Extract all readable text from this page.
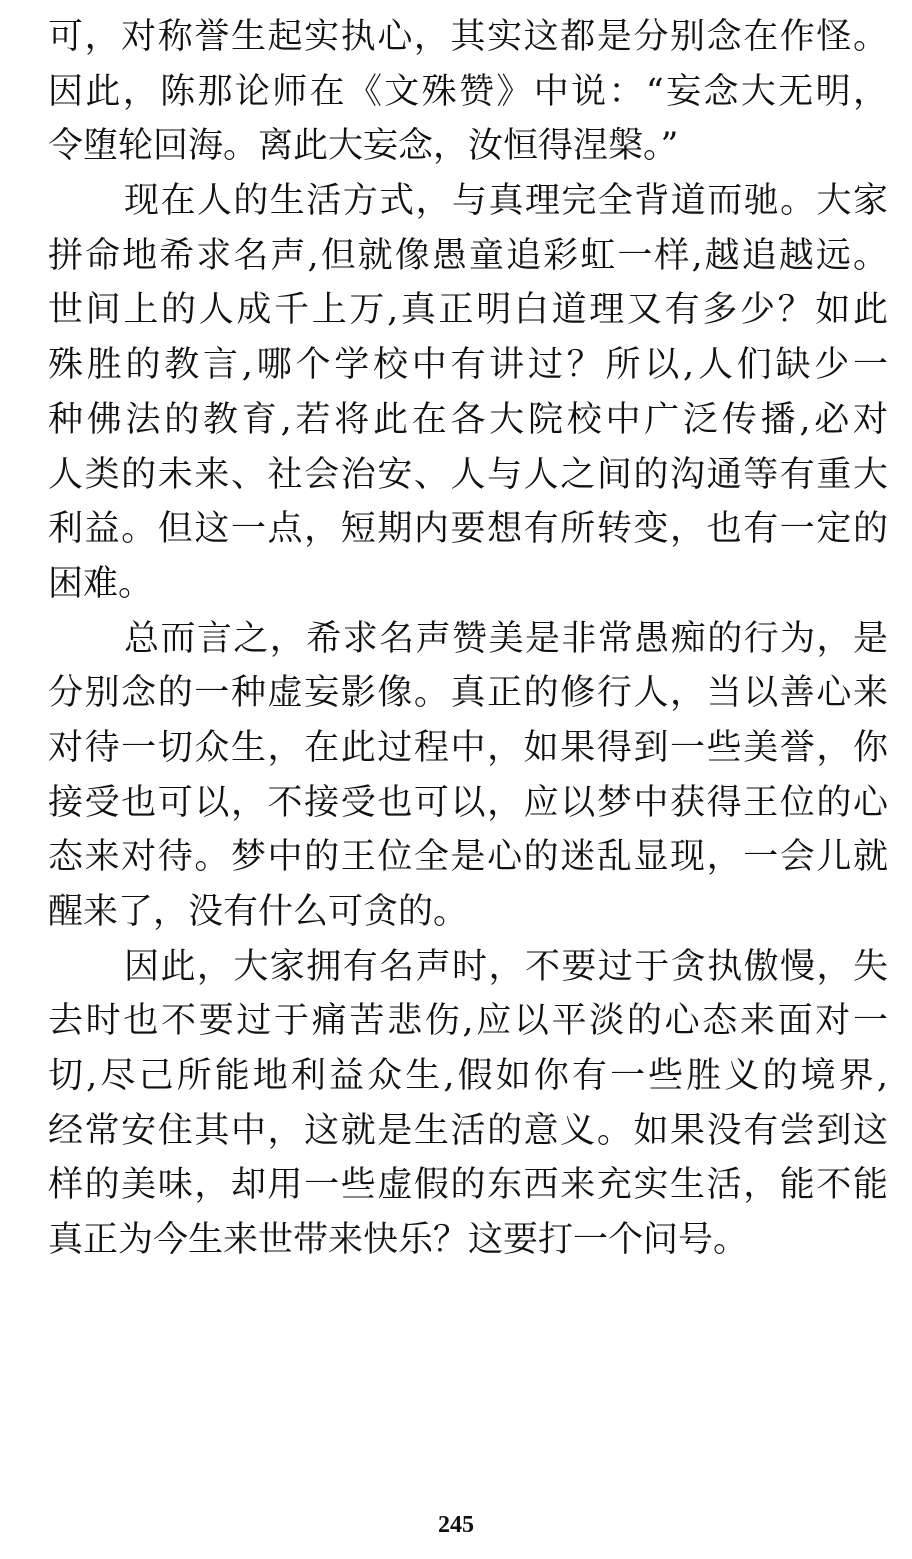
可，对称誉生起实执心，其实这都是分别念在作怪。
因此，陈那论师在《文殊赞》中说：“妄念大无明，
令堕轮回海。离此大妄念，汝恒得涅槃。”
现在人的生活方式，与真理完全背道而驰。大家
拼命地希求名声,但就像愚童追彩虹一样,越追越远。
世间上的人成千上万,真正明白道理又有多少？如此
殊胜的教言,哪个学校中有讲过？所以,人们缺少一
种佛法的教育,若将此在各大院校中广泛传播,必对
人类的未来、社会治安、人与人之间的沟通等有重大
利益。但这一点，短期内要想有所转变，也有一定的
困难。
总而言之，希求名声赞美是非常愚痴的行为，是
分别念的一种虚妄影像。真正的修行人，当以善心来
对待一切众生，在此过程中，如果得到一些美誉，你
接受也可以，不接受也可以，应以梦中获得王位的心
态来对待。梦中的王位全是心的迷乱显现，一会儿就
醒来了，没有什么可贪的。
因此，大家拥有名声时，不要过于贪执傲慢，失
去时也不要过于痛苦悲伤,应以平淡的心态来面对一
切,尽己所能地利益众生,假如你有一些胜义的境界,
经常安住其中，这就是生活的意义。如果没有尝到这
样的美味，却用一些虚假的东西来充实生活，能不能
真正为今生来世带来快乐？这要打一个问号。
245
